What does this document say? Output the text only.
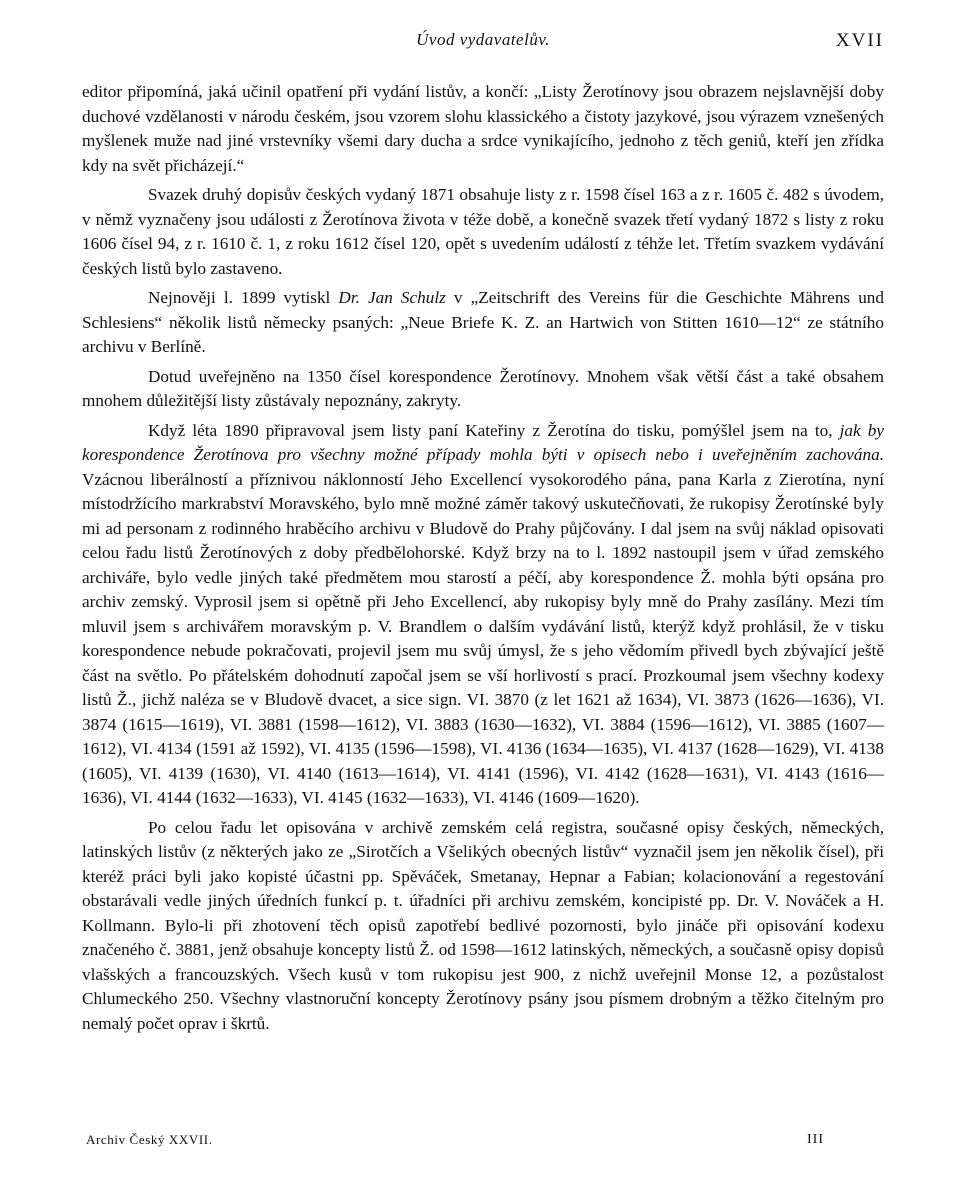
Úvod vydavatelův.	XVII

editor připomíná, jaká učinil opatření při vydání listův, a končí: „Listy Žerotínovy jsou obrazem nejslavnější doby duchové vzdělanosti v národu českém, jsou vzorem slohu klassického a čistoty jazykové, jsou výrazem vznešených myšlenek muže nad jiné vrstevníky všemi dary ducha a srdce vynikajícího, jednoho z těch geniů, kteří jen zřídka kdy na svět přicházejí.“

Svazek druhý dopisův českých vydaný 1871 obsahuje listy z r. 1598 čísel 163 a z r. 1605 č. 482 s úvodem, v němž vyznačeny jsou události z Žerotínova života v téže době, a konečně svazek třetí vydaný 1872 s listy z roku 1606 čísel 94, z r. 1610 č. 1, z roku 1612 čísel 120, opět s uvedením událostí z téhže let. Třetím svazkem vydávání českých listů bylo zastaveno.

Nejnověji l. 1899 vytiskl Dr. Jan Schulz v „Zeitschrift des Vereins für die Geschichte Mährens und Schlesiens“ několik listů německy psaných: „Neue Briefe K. Z. an Hartwich von Stitten 1610—12“ ze státního archivu v Berlíně.

Dotud uveřejněno na 1350 čísel korespondence Žerotínovy. Mnohem však větší část a také obsahem mnohem důležitější listy zůstávaly nepoznány, zakryty.

Když léta 1890 připravoval jsem listy paní Kateřiny z Žerotína do tisku, pomýšlel jsem na to, jak by korespondence Žerotínova pro všechny možné případy mohla býti v opisech nebo i uveřejněním zachována. Vzácnou liberálností a příznivou náklonností Jeho Excellencí vysokorodého pána, pana Karla z Zierotína, nyní místodržícího markrabství Moravského, bylo mně možné záměr takový uskutečňovati, že rukopisy Žerotínské byly mi ad personam z rodinného hraběcího archivu v Bludově do Prahy půjčovány. I dal jsem na svůj náklad opisovati celou řadu listů Žerotínových z doby předbělohorské. Když brzy na to l. 1892 nastoupil jsem v úřad zemského archiváře, bylo vedle jiných také předmětem mou starostí a péčí, aby korespondence Ž. mohla býti opsána pro archiv zemský. Vyprosil jsem si opětně při Jeho Excellencí, aby rukopisy byly mně do Prahy zasílány. Mezi tím mluvil jsem s archivářem moravským p. V. Brandlem o dalším vydávání listů, kterýž když prohlásil, že v tisku korespondence nebude pokračovati, projevil jsem mu svůj úmysl, že s jeho vědomím přivedl bych zbývající ještě část na světlo. Po přátelském dohodnutí započal jsem se vší horlivostí s prací. Prozkoumal jsem všechny kodexy listů Ž., jichž naléza se v Bludově dvacet, a sice sign. VI. 3870 (z let 1621 až 1634), VI. 3873 (1626—1636), VI. 3874 (1615—1619), VI. 3881 (1598—1612), VI. 3883 (1630—1632), VI. 3884 (1596—1612), VI. 3885 (1607—1612), VI. 4134 (1591 až 1592), VI. 4135 (1596—1598), VI. 4136 (1634—1635), VI. 4137 (1628—1629), VI. 4138 (1605), VI. 4139 (1630), VI. 4140 (1613—1614), VI. 4141 (1596), VI. 4142 (1628—1631), VI. 4143 (1616—1636), VI. 4144 (1632—1633), VI. 4145 (1632—1633), VI. 4146 (1609—1620).

Po celou řadu let opisována v archivě zemském celá registra, současné opisy českých, německých, latinských listův (z některých jako ze „Sirotčích a Všelikých obecných listův“ vyznačil jsem jen několik čísel), při kteréž práci byli jako kopisté účastni pp. Spěváček, Smetanay, Hepnar a Fabian; kolacionování a regestování obstarávali vedle jiných úředních funkcí p. t. úřadníci při archivu zemském, koncipisté pp. Dr. V. Nováček a H. Kollmann. Bylo-li při zhotovení těch opisů zapotřebí bedlivé pozornosti, bylo jináče při opisování kodexu značeného č. 3881, jenž obsahuje koncepty listů Ž. od 1598—1612 latinských, německých, a současně opisy dopisů vlašských a francouzských. Všech kusů v tom rukopisu jest 900, z nichž uveřejnil Monse 12, a pozůstalost Chlumeckého 250. Všechny vlastnoruční koncepty Žerotínovy psány jsou písmem drobným a těžko čitelným pro nemalý počet oprav i škrtů.

Archiv Český XXVII.	III
